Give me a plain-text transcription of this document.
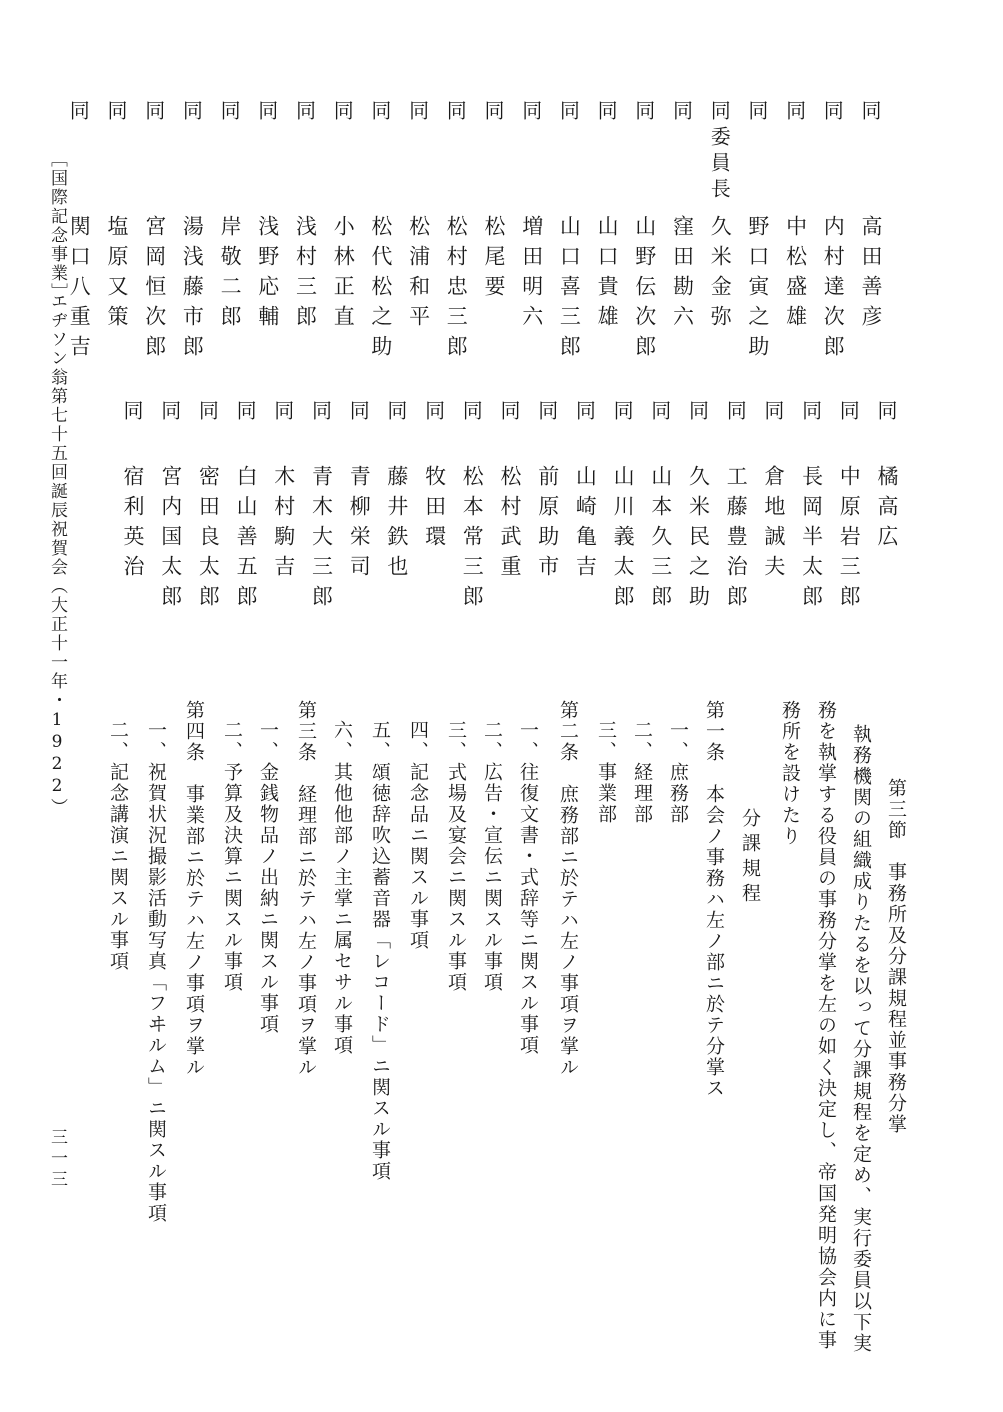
同
高田善彦
同
内村達次郎
同
中松盛雄
同
野口寅之助
同委員長
久米金弥
同
窪田勘六
同
山野伝次郎
同
山口貴雄
同
山口喜三郎
同
増田明六
同
松尾要
同
松村忠三郎
同
松浦和平
同
松代松之助
同
小林正直
同
浅村三郎
同
浅野応輔
同
岸敬二郎
同
湯浅藤市郎
同
宮岡恒次郎
同
塩原又策
同
関口八重吉
同
橘高広
同
中原岩三郎
同
長岡半太郎
同
倉地誠夫
同
工藤豊治郎
同
久米民之助
同
山本久三郎
同
山川義太郎
同
山崎亀吉
同
前原助市
同
松村武重
同
松本常三郎
同
牧田環
同
藤井鉄也
同
青柳栄司
同
青木大三郎
同
木村駒吉
同
白山善五郎
同
密田良太郎
同
宮内国太郎
同
宿利英治
第三節　事務所及分課規程並事務分掌
執務機関の組織成りたるを以って分課規程を定め、実行委員以下実
務を執掌する役員の事務分掌を左の如く決定し、帝国発明協会内に事
務所を設けたり
分課規程
第一条　本会ノ事務ハ左ノ部ニ於テ分掌ス
一、庶務部
二、経理部
三、事業部
第二条　庶務部ニ於テハ左ノ事項ヲ掌ル
一、往復文書・式辞等ニ関スル事項
二、広告・宣伝ニ関スル事項
三、式場及宴会ニ関スル事項
四、記念品ニ関スル事項
五、頌徳辞吹込蓄音器「レコード」ニ関スル事項
六、其他他部ノ主掌ニ属セサル事項
第三条　経理部ニ於テハ左ノ事項ヲ掌ル
一、金銭物品ノ出納ニ関スル事項
二、予算及決算ニ関スル事項
第四条　事業部ニ於テハ左ノ事項ヲ掌ル
一、祝賀状況撮影活動写真「フヰルム」ニ関スル事項
二、記念講演ニ関スル事項
［国際記念事業］
エヂソン翁第七十五回誕辰祝賀会（大正十一年・1922）
三一三
